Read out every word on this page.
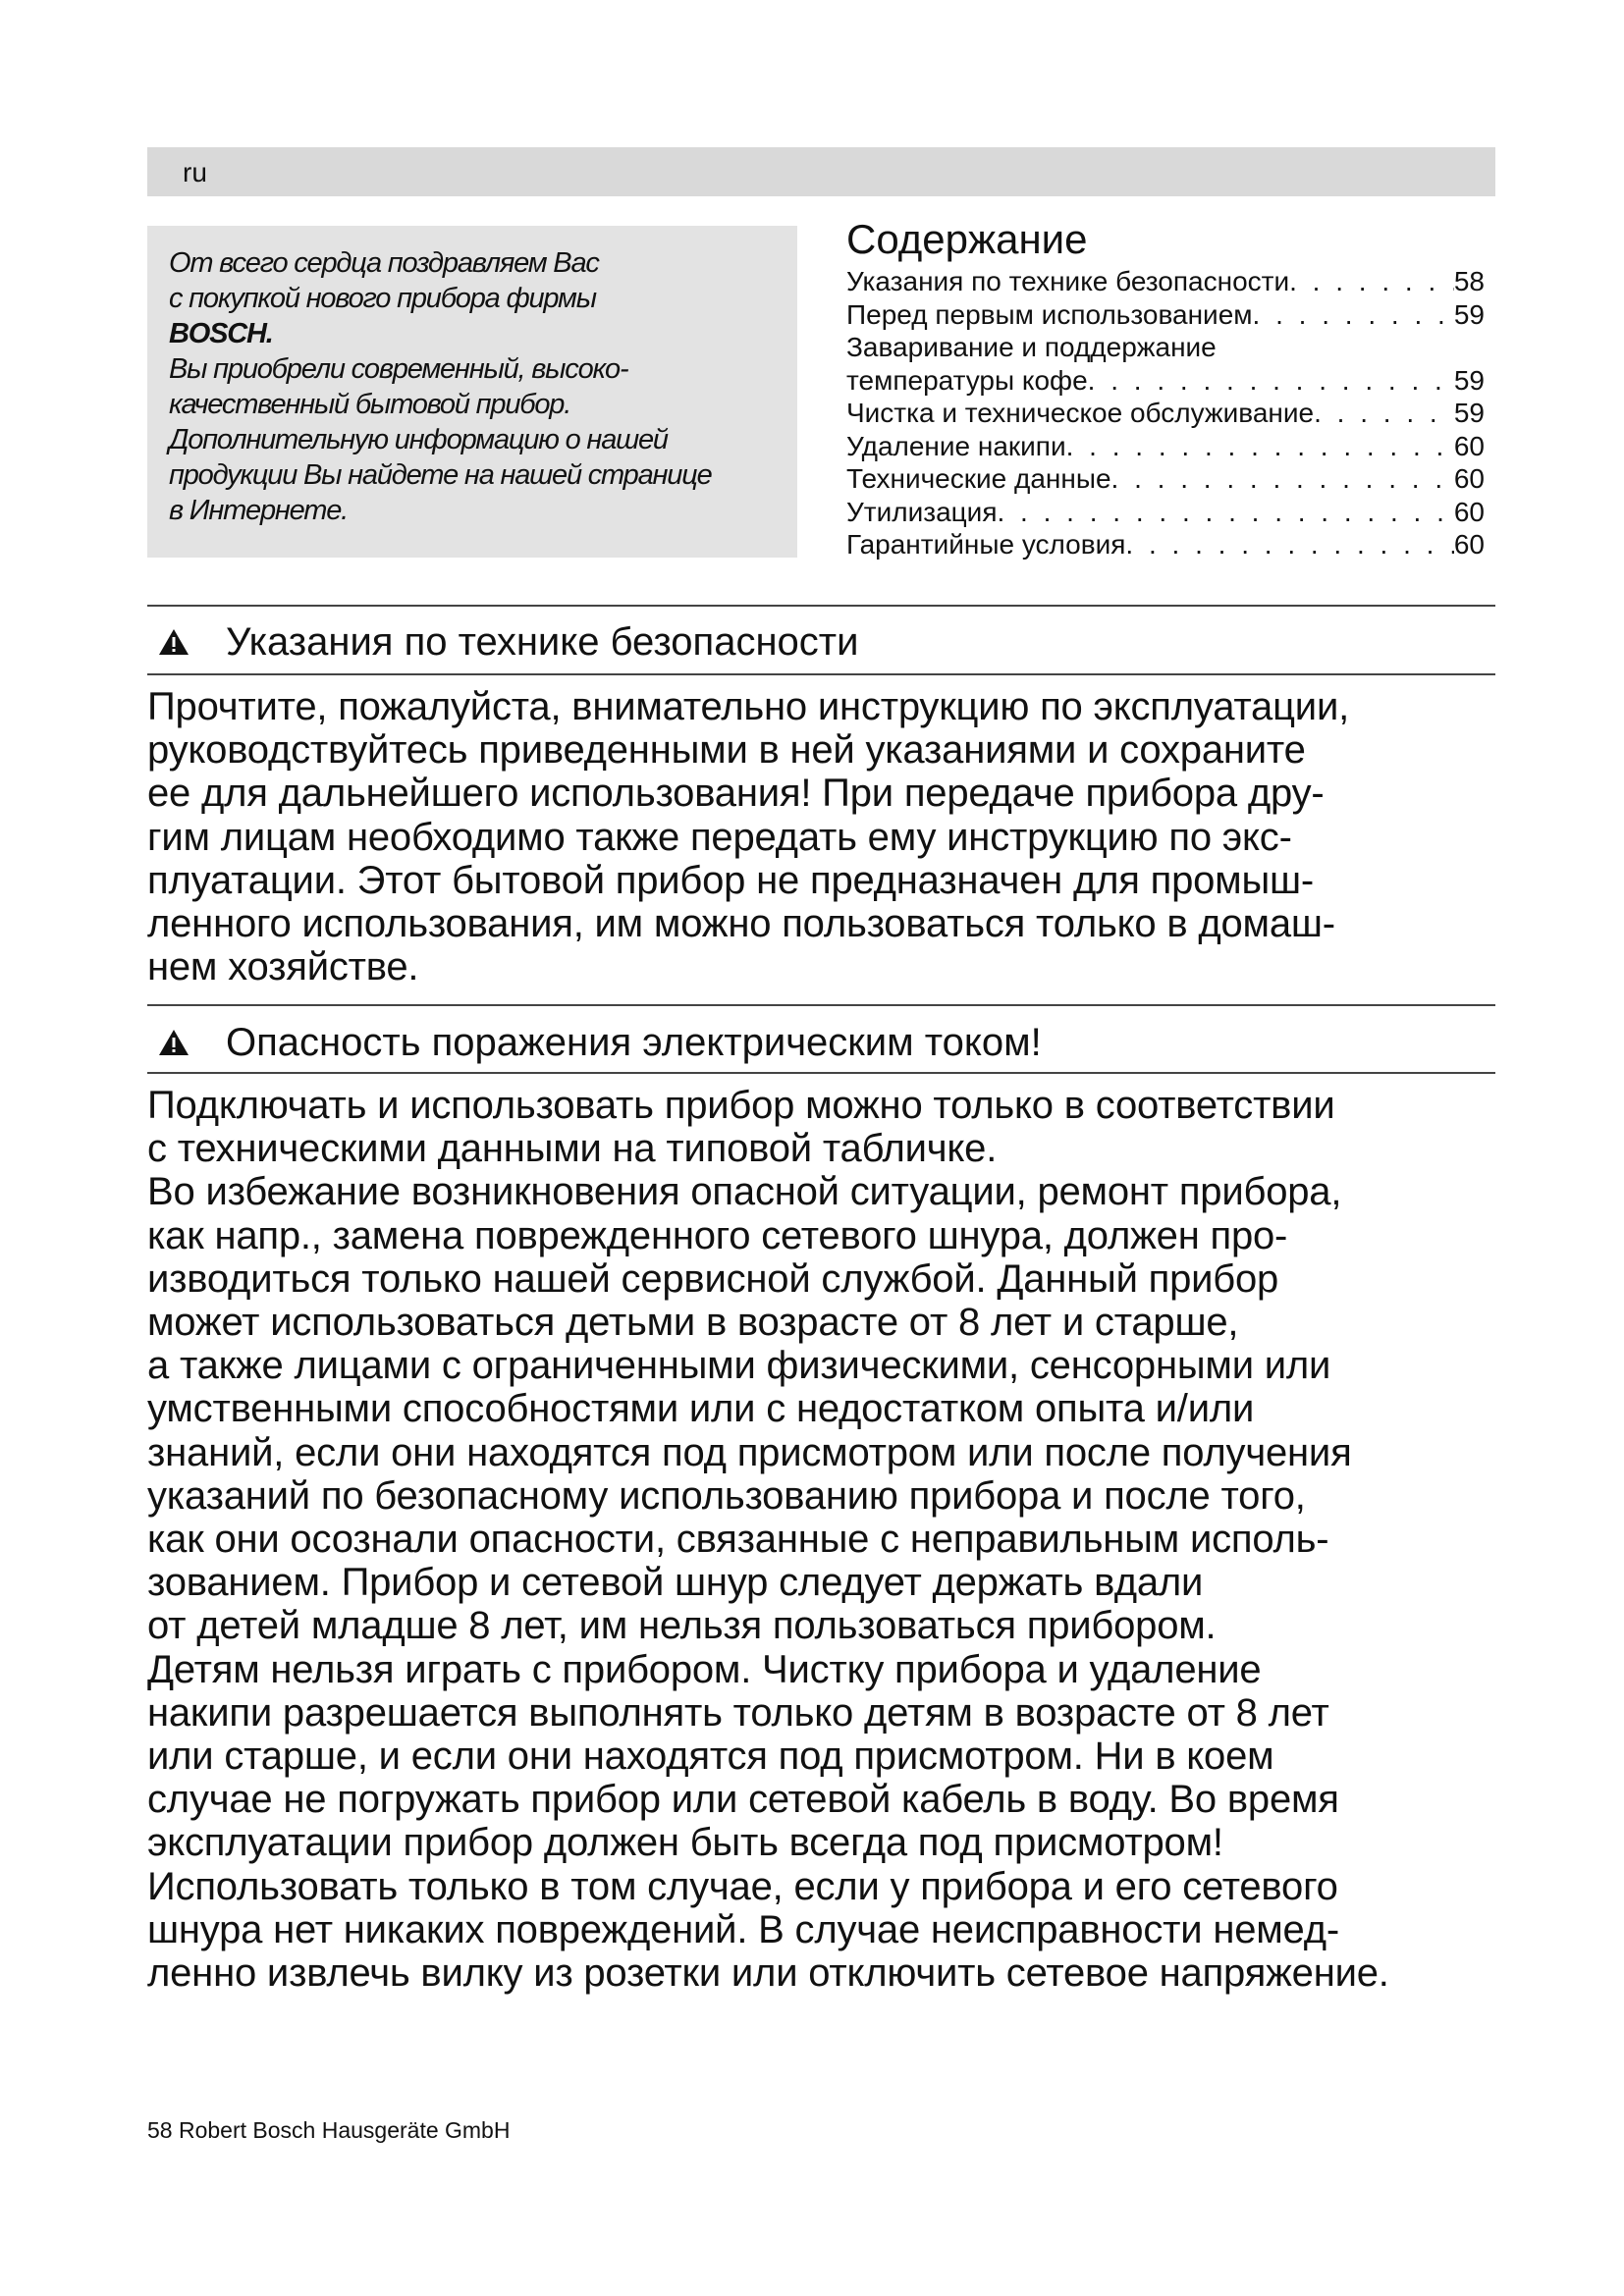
ru
От всего сердца поздравляем Вас
с покупкой нового прибора фирмы
BOSCH.
Вы приобрели современный, высоко-
качественный бытовой прибор.
Дополнительную информацию о нашей
продукции Вы найдете на нашей странице
в Интернете.
Содержание
Указания по технике безопасности . . .	58
Перед первым использованием . . .	59
Заваривание и поддержание
температуры кофе . . .	59
Чистка и техническое обслуживание . . .	59
Удаление накипи . . .	60
Технические данные . . .	60
Утилизация . . .	60
Гарантийные условия . . .	60
Указания по технике безопасности
Прочтите, пожалуйста, внимательно инструкцию по эксплуатации,
руководствуйтесь приведенными в ней указаниями и сохраните
ее для дальнейшего использования! При передаче прибора дру-
гим лицам необходимо также передать ему инструкцию по экс-
плуатации. Этот бытовой прибор не предназначен для промыш-
ленного использования, им можно пользоваться только в домаш-
нем хозяйстве.
Опасность поражения электрическим током!
Подключать и использовать прибор можно только в соответствии
с техническими данными на типовой табличке.
Во избежание возникновения опасной ситуации, ремонт прибора,
как напр., замена поврежденного сетевого шнура, должен про-
изводиться только нашей сервисной службой. Данный прибор
может использоваться детьми в возрасте от 8 лет и старше,
а также лицами с ограниченными физическими, сенсорными или
умственными способностями или с недостатком опыта и/или
знаний, если они находятся под присмотром или после получения
указаний по безопасному использованию прибора и после того,
как они осознали опасности, связанные с неправильным исполь-
зованием. Прибор и сетевой шнур следует держать вдали
от детей младше 8 лет, им нельзя пользоваться прибором.
Детям нельзя играть с прибором. Чистку прибора и удаление
накипи разрешается выполнять только детям в возрасте от 8 лет
или старше, и если они находятся под присмотром. Ни в коем
случае не погружать прибор или сетевой кабель в воду. Во время
эксплуатации прибор должен быть всегда под присмотром!
Использовать только в том случае, если у прибора и его сетевого
шнура нет никаких повреждений. В случае неисправности немед-
ленно извлечь вилку из розетки или отключить сетевое напряжение.
58 Robert Bosch Hausgeräte GmbH
